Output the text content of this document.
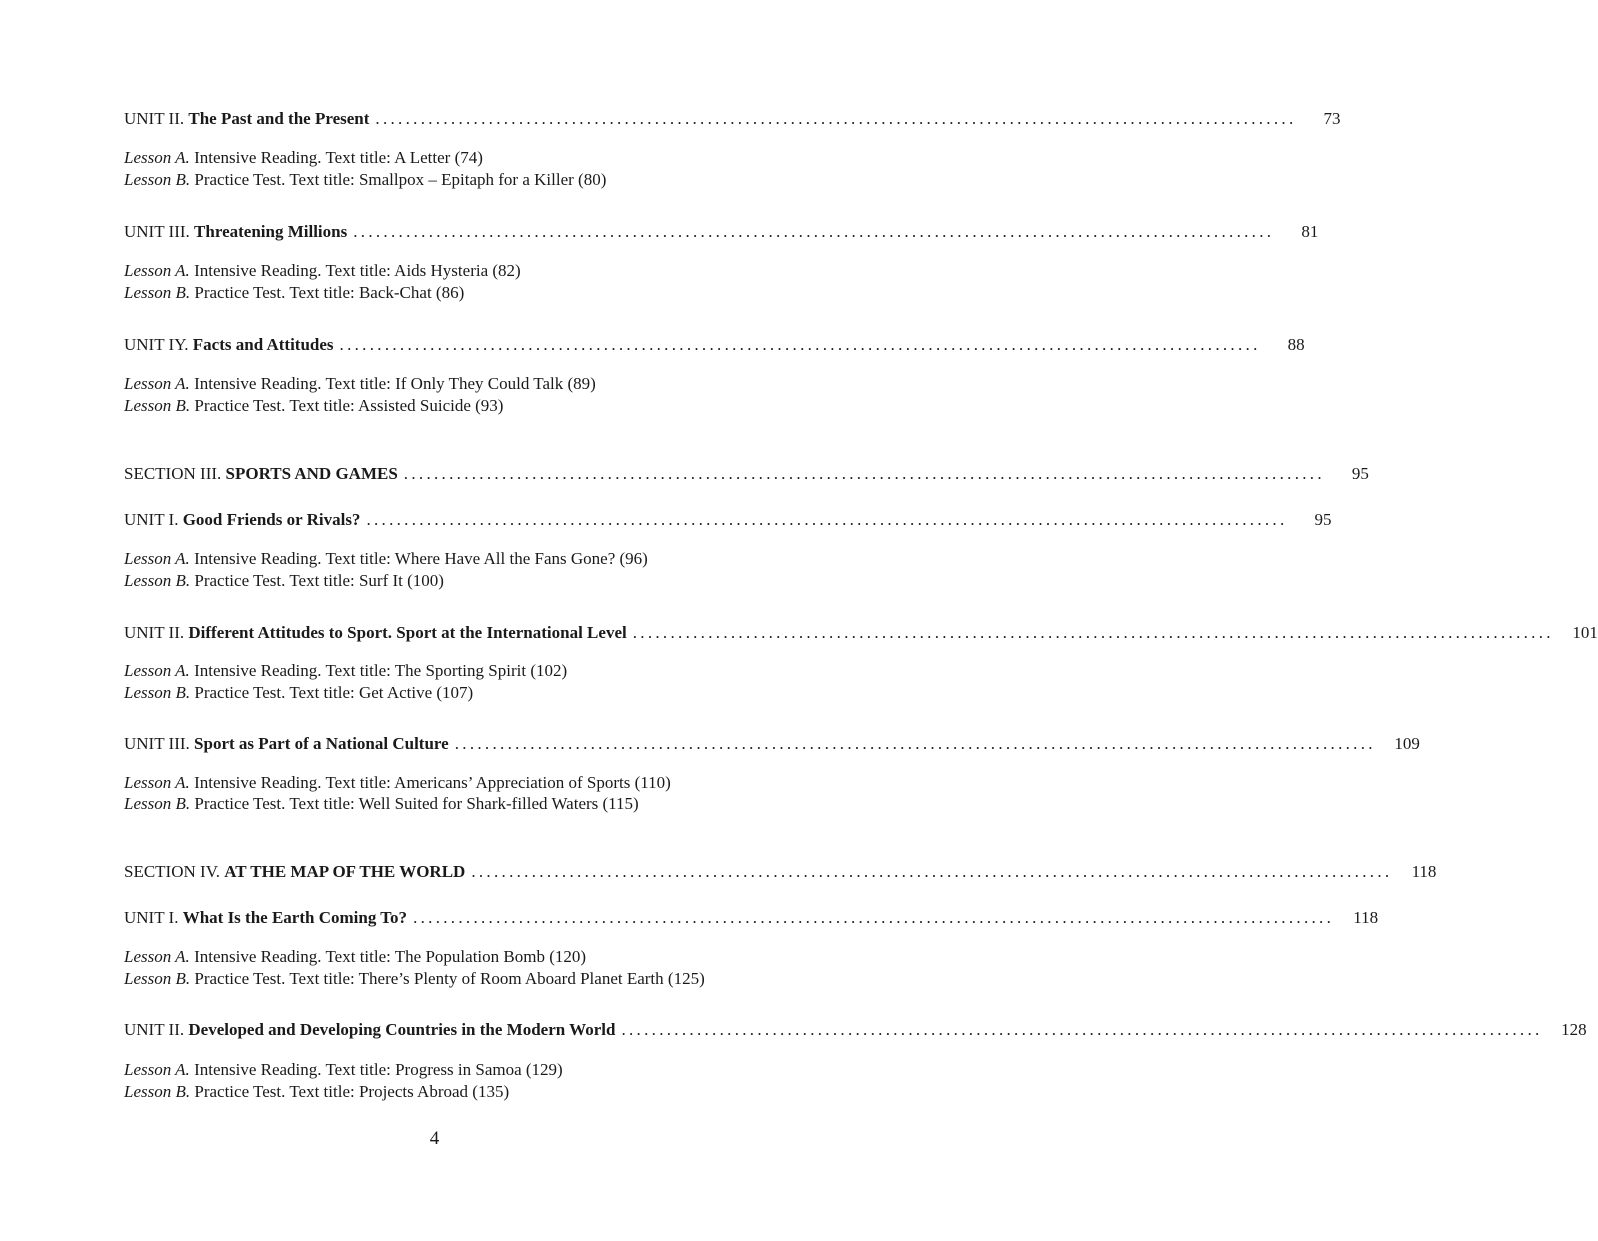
UNIT II. The Past and the Present ..........................................................................................................................	73
Lesson A. Intensive Reading. Text title: A Letter (74)
Lesson B. Practice Test. Text title: Smallpox – Epitaph for a Killer (80)
UNIT III. Threatening Millions ..........................................................................................................................	81
Lesson A. Intensive Reading. Text title: Aids Hysteria (82)
Lesson B. Practice Test. Text title: Back-Chat (86)
UNIT IY. Facts and Attitudes ..........................................................................................................................	88
Lesson A. Intensive Reading. Text title: If Only They Could Talk (89)
Lesson B. Practice Test. Text title: Assisted Suicide (93)
SECTION III. SPORTS AND GAMES ..........................................................................................................................	95
UNIT I. Good Friends or Rivals? ..........................................................................................................................	95
Lesson A. Intensive Reading. Text title: Where Have All the Fans Gone? (96)
Lesson B. Practice Test. Text title: Surf It (100)
UNIT II. Different Attitudes to Sport. Sport at the International Level ..........................................................................................................................	101
Lesson A. Intensive Reading. Text title: The Sporting Spirit (102)
Lesson B. Practice Test. Text title: Get Active (107)
UNIT III. Sport as Part of a National Culture ..........................................................................................................................	109
Lesson A. Intensive Reading. Text title: Americans’ Appreciation of Sports (110)
Lesson B. Practice Test. Text title: Well Suited for Shark-filled Waters (115)
SECTION IV. AT THE MAP OF THE WORLD ..........................................................................................................................	118
UNIT I. What Is the Earth Coming To? ..........................................................................................................................	118
Lesson A. Intensive Reading. Text title: The Population Bomb (120)
Lesson B. Practice Test. Text title: There’s Plenty of Room Aboard Planet Earth (125)
UNIT II. Developed and Developing Countries in the Modern World ..........................................................................................................................	128
Lesson A. Intensive Reading. Text title: Progress in Samoa (129)
Lesson B. Practice Test. Text title: Projects Abroad (135)
4
